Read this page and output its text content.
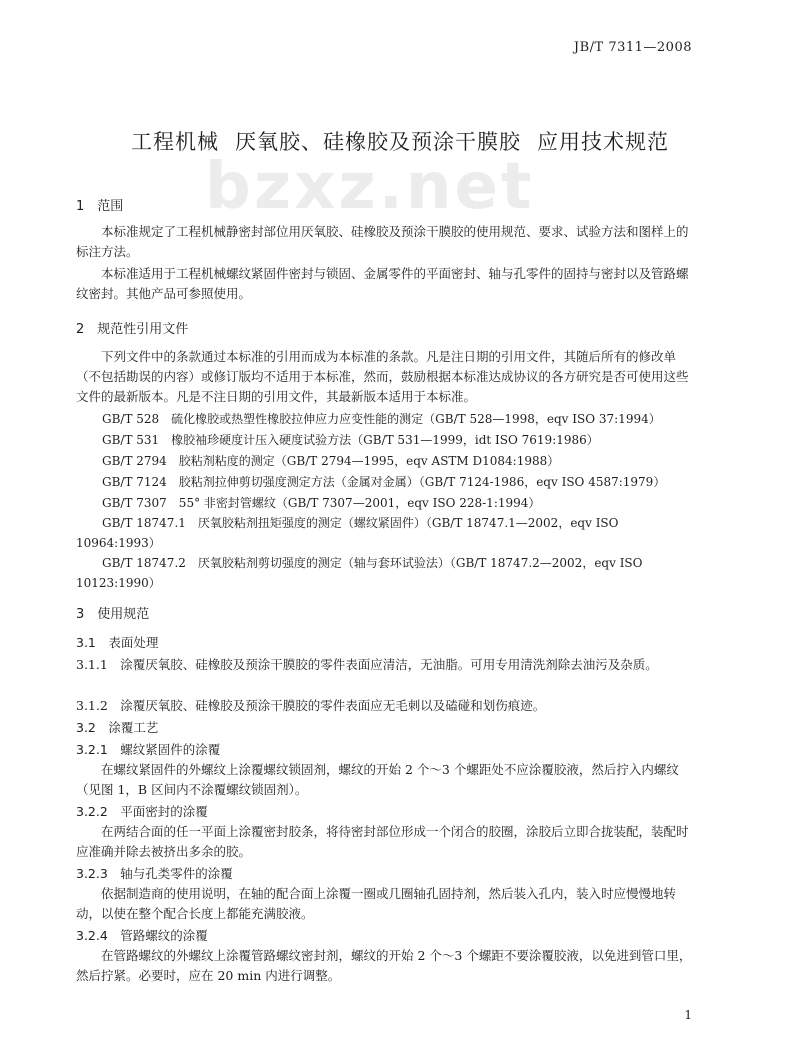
JB/T 7311—2008
bzxz.net
工程机械 厌氧胶、硅橡胶及预涂干膜胶 应用技术规范
1　范围
本标准规定了工程机械静密封部位用厌氧胶、硅橡胶及预涂干膜胶的使用规范、要求、试验方法和图样上的标注方法。
本标准适用于工程机械螺纹紧固件密封与锁固、金属零件的平面密封、轴与孔零件的固持与密封以及管路螺纹密封。其他产品可参照使用。
2　规范性引用文件
下列文件中的条款通过本标准的引用而成为本标准的条款。凡是注日期的引用文件，其随后所有的修改单（不包括勘误的内容）或修订版均不适用于本标准，然而，鼓励根据本标准达成协议的各方研究是否可使用这些文件的最新版本。凡是不注日期的引用文件，其最新版本适用于本标准。
GB/T 528　硫化橡胶或热塑性橡胶拉伸应力应变性能的测定（GB/T 528—1998，eqv ISO 37:1994）
GB/T 531　橡胶袖珍硬度计压入硬度试验方法（GB/T 531—1999，idt ISO 7619:1986）
GB/T 2794　胶粘剂粘度的测定（GB/T 2794—1995，eqv ASTM D1084:1988）
GB/T 7124　胶粘剂拉伸剪切强度测定方法（金属对金属）（GB/T 7124-1986，eqv ISO 4587:1979）
GB/T 7307　55° 非密封管螺纹（GB/T 7307—2001，eqv ISO 228-1:1994）
GB/T 18747.1　厌氧胶粘剂扭矩强度的测定（螺纹紧固件）（GB/T 18747.1—2002，eqv ISO 10964:1993）
GB/T 18747.2　厌氧胶粘剂剪切强度的测定（轴与套环试验法）（GB/T 18747.2—2002，eqv ISO 10123:1990）
3　使用规范
3.1　表面处理
3.1.1　涂覆厌氧胶、硅橡胶及预涂干膜胶的零件表面应清洁，无油脂。可用专用清洗剂除去油污及杂质。
3.1.2　涂覆厌氧胶、硅橡胶及预涂干膜胶的零件表面应无毛刺以及磕碰和划伤痕迹。
3.2　涂覆工艺
3.2.1　螺纹紧固件的涂覆
在螺纹紧固件的外螺纹上涂覆螺纹锁固剂，螺纹的开始 2 个～3 个螺距处不应涂覆胶液，然后拧入内螺纹（见图 1，B 区间内不涂覆螺纹锁固剂）。
3.2.2　平面密封的涂覆
在两结合面的任一平面上涂覆密封胶条，将待密封部位形成一个闭合的胶圈，涂胶后立即合拢装配，装配时应准确并除去被挤出多余的胶。
3.2.3　轴与孔类零件的涂覆
依据制造商的使用说明，在轴的配合面上涂覆一圈或几圈轴孔固持剂，然后装入孔内，装入时应慢慢地转动，以使在整个配合长度上都能充满胶液。
3.2.4　管路螺纹的涂覆
在管路螺纹的外螺纹上涂覆管路螺纹密封剂，螺纹的开始 2 个～3 个螺距不要涂覆胶液，以免进到管口里，然后拧紧。必要时，应在 20 min 内进行调整。
1
